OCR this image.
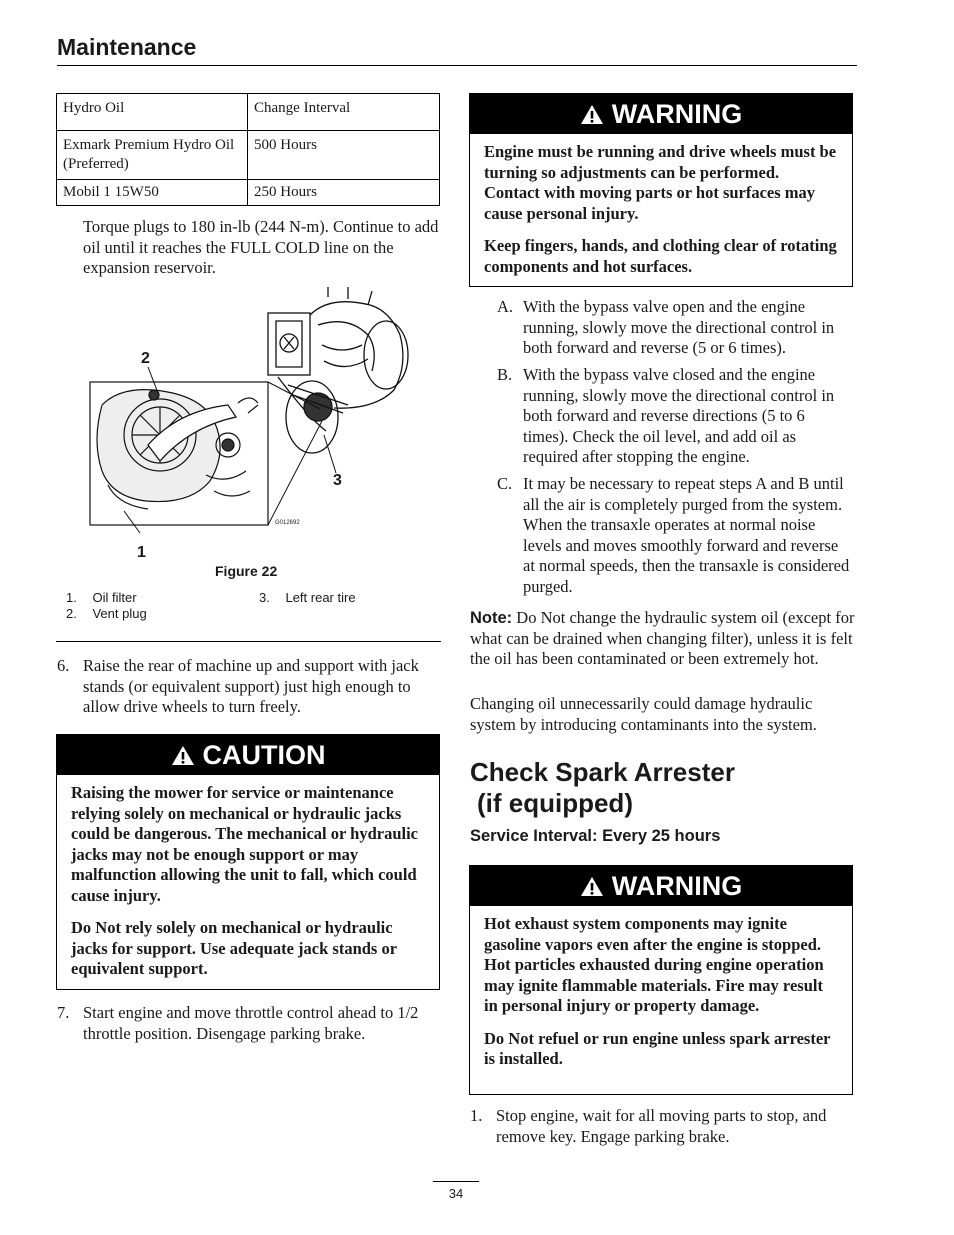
Maintenance
Hydro Oil	Change Interval
Exmark Premium Hydro Oil (Preferred)	500 Hours
Mobil 1 15W50	250 Hours
Torque plugs to 180 in-lb (244 N-m). Continue to add oil until it reaches the FULL COLD line on the expansion reservoir.
2
1
3
G012692
Figure 22
1. Oil filter
2. Vent plug
3. Left rear tire
6. Raise the rear of machine up and support with jack stands (or equivalent support) just high enough to allow drive wheels to turn freely.
CAUTION

Raising the mower for service or maintenance relying solely on mechanical or hydraulic jacks could be dangerous. The mechanical or hydraulic jacks may not be enough support or may malfunction allowing the unit to fall, which could cause injury.

Do Not rely solely on mechanical or hydraulic jacks for support. Use adequate jack stands or equivalent support.

7. Start engine and move throttle control ahead to 1/2 throttle position. Disengage parking brake.
WARNING

Engine must be running and drive wheels must be turning so adjustments can be performed. Contact with moving parts or hot surfaces may cause personal injury.

Keep fingers, hands, and clothing clear of rotating components and hot surfaces.

A. With the bypass valve open and the engine running, slowly move the directional control in both forward and reverse (5 or 6 times).
B. With the bypass valve closed and the engine running, slowly move the directional control in both forward and reverse directions (5 to 6 times). Check the oil level, and add oil as required after stopping the engine.
C. It may be necessary to repeat steps A and B until all the air is completely purged from the system. When the transaxle operates at normal noise levels and moves smoothly forward and reverse at normal speeds, then the transaxle is considered purged.
Note: Do Not change the hydraulic system oil (except for what can be drained when changing filter), unless it is felt the oil has been contaminated or been extremely hot.
Changing oil unnecessarily could damage hydraulic system by introducing contaminants into the system.
Check Spark Arrester
(if equipped)
Service Interval: Every 25 hours
WARNING

Hot exhaust system components may ignite gasoline vapors even after the engine is stopped. Hot particles exhausted during engine operation may ignite flammable materials. Fire may result in personal injury or property damage.

Do Not refuel or run engine unless spark arrester is installed.

1. Stop engine, wait for all moving parts to stop, and remove key. Engage parking brake.
34
